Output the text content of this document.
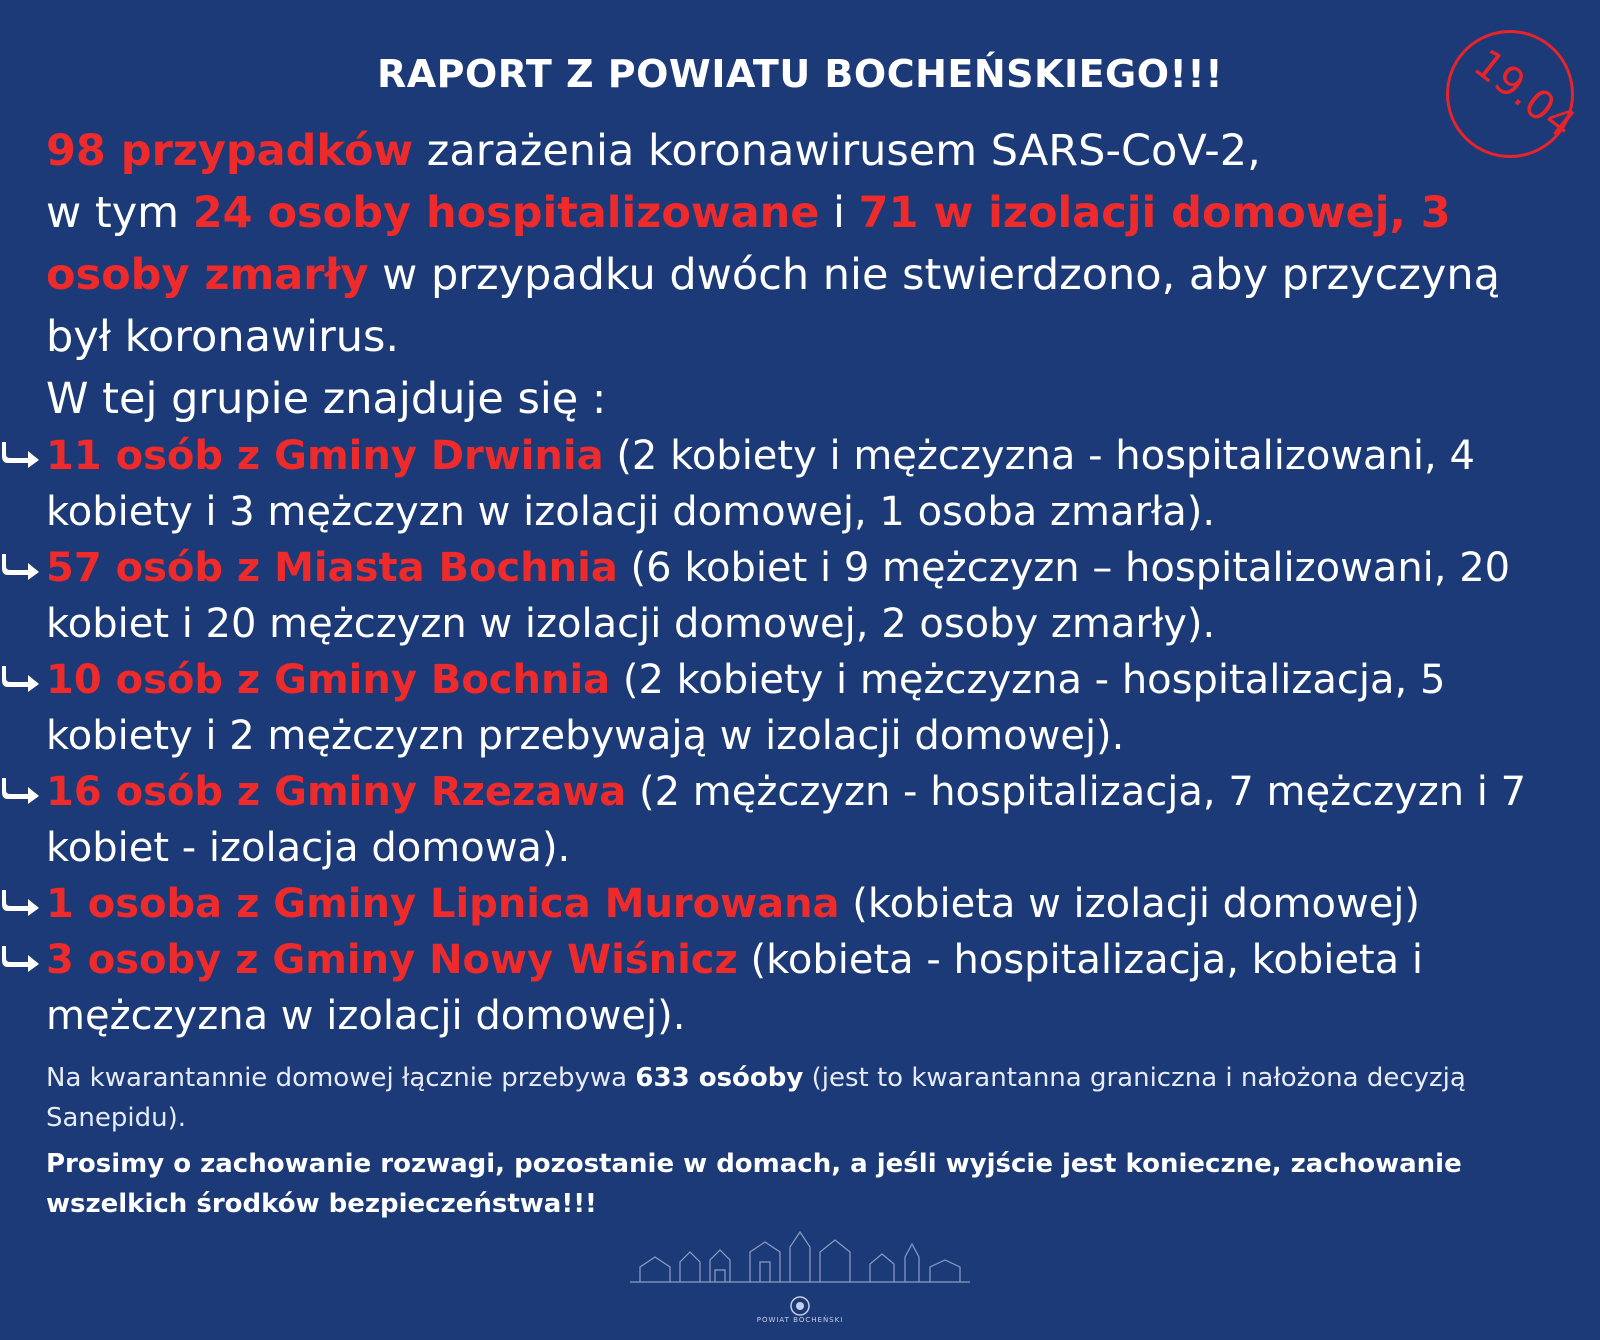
RAPORT Z POWIATU BOCHEŃSKIEGO!!!	19.04

98 przypadków zarażenia koronawirusem SARS-CoV-2,
w tym 24 osoby hospitalizowane i 71 w izolacji domowej, 3 osoby zmarły w przypadku dwóch nie stwierdzono, aby przyczyną był koronawirus.

W tej grupie znajduje się :

11 osób z Gminy Drwinia (2 kobiety i mężczyzna - hospitalizowani, 4 kobiety i 3 mężczyzn w izolacji domowej, 1 osoba zmarła).
57 osób z Miasta Bochnia (6 kobiet i 9 mężczyzn – hospitalizowani, 20 kobiet i 20 mężczyzn w izolacji domowej, 2 osoby zmarły).
10 osób z Gminy Bochnia (2 kobiety i mężczyzna - hospitalizacja, 5 kobiety i 2 mężczyzn przebywają w izolacji domowej).
16 osób z Gminy Rzezawa (2 mężczyzn - hospitalizacja, 7 mężczyzn i 7 kobiet - izolacja domowa).
1 osoba z Gminy Lipnica Murowana (kobieta w izolacji domowej)
3 osoby z Gminy Nowy Wiśnicz (kobieta - hospitalizacja, kobieta i mężczyzna w izolacji domowej).

Na kwarantannie domowej łącznie przebywa 633 osóoby (jest to kwarantanna graniczna i nałożona decyzją Sanepidu).

Prosimy o zachowanie rozwagi, pozostanie w domach, a jeśli wyjście jest konieczne, zachowanie wszelkich środków bezpieczeństwa!!!

POWIAT BOCHEŃSKI
